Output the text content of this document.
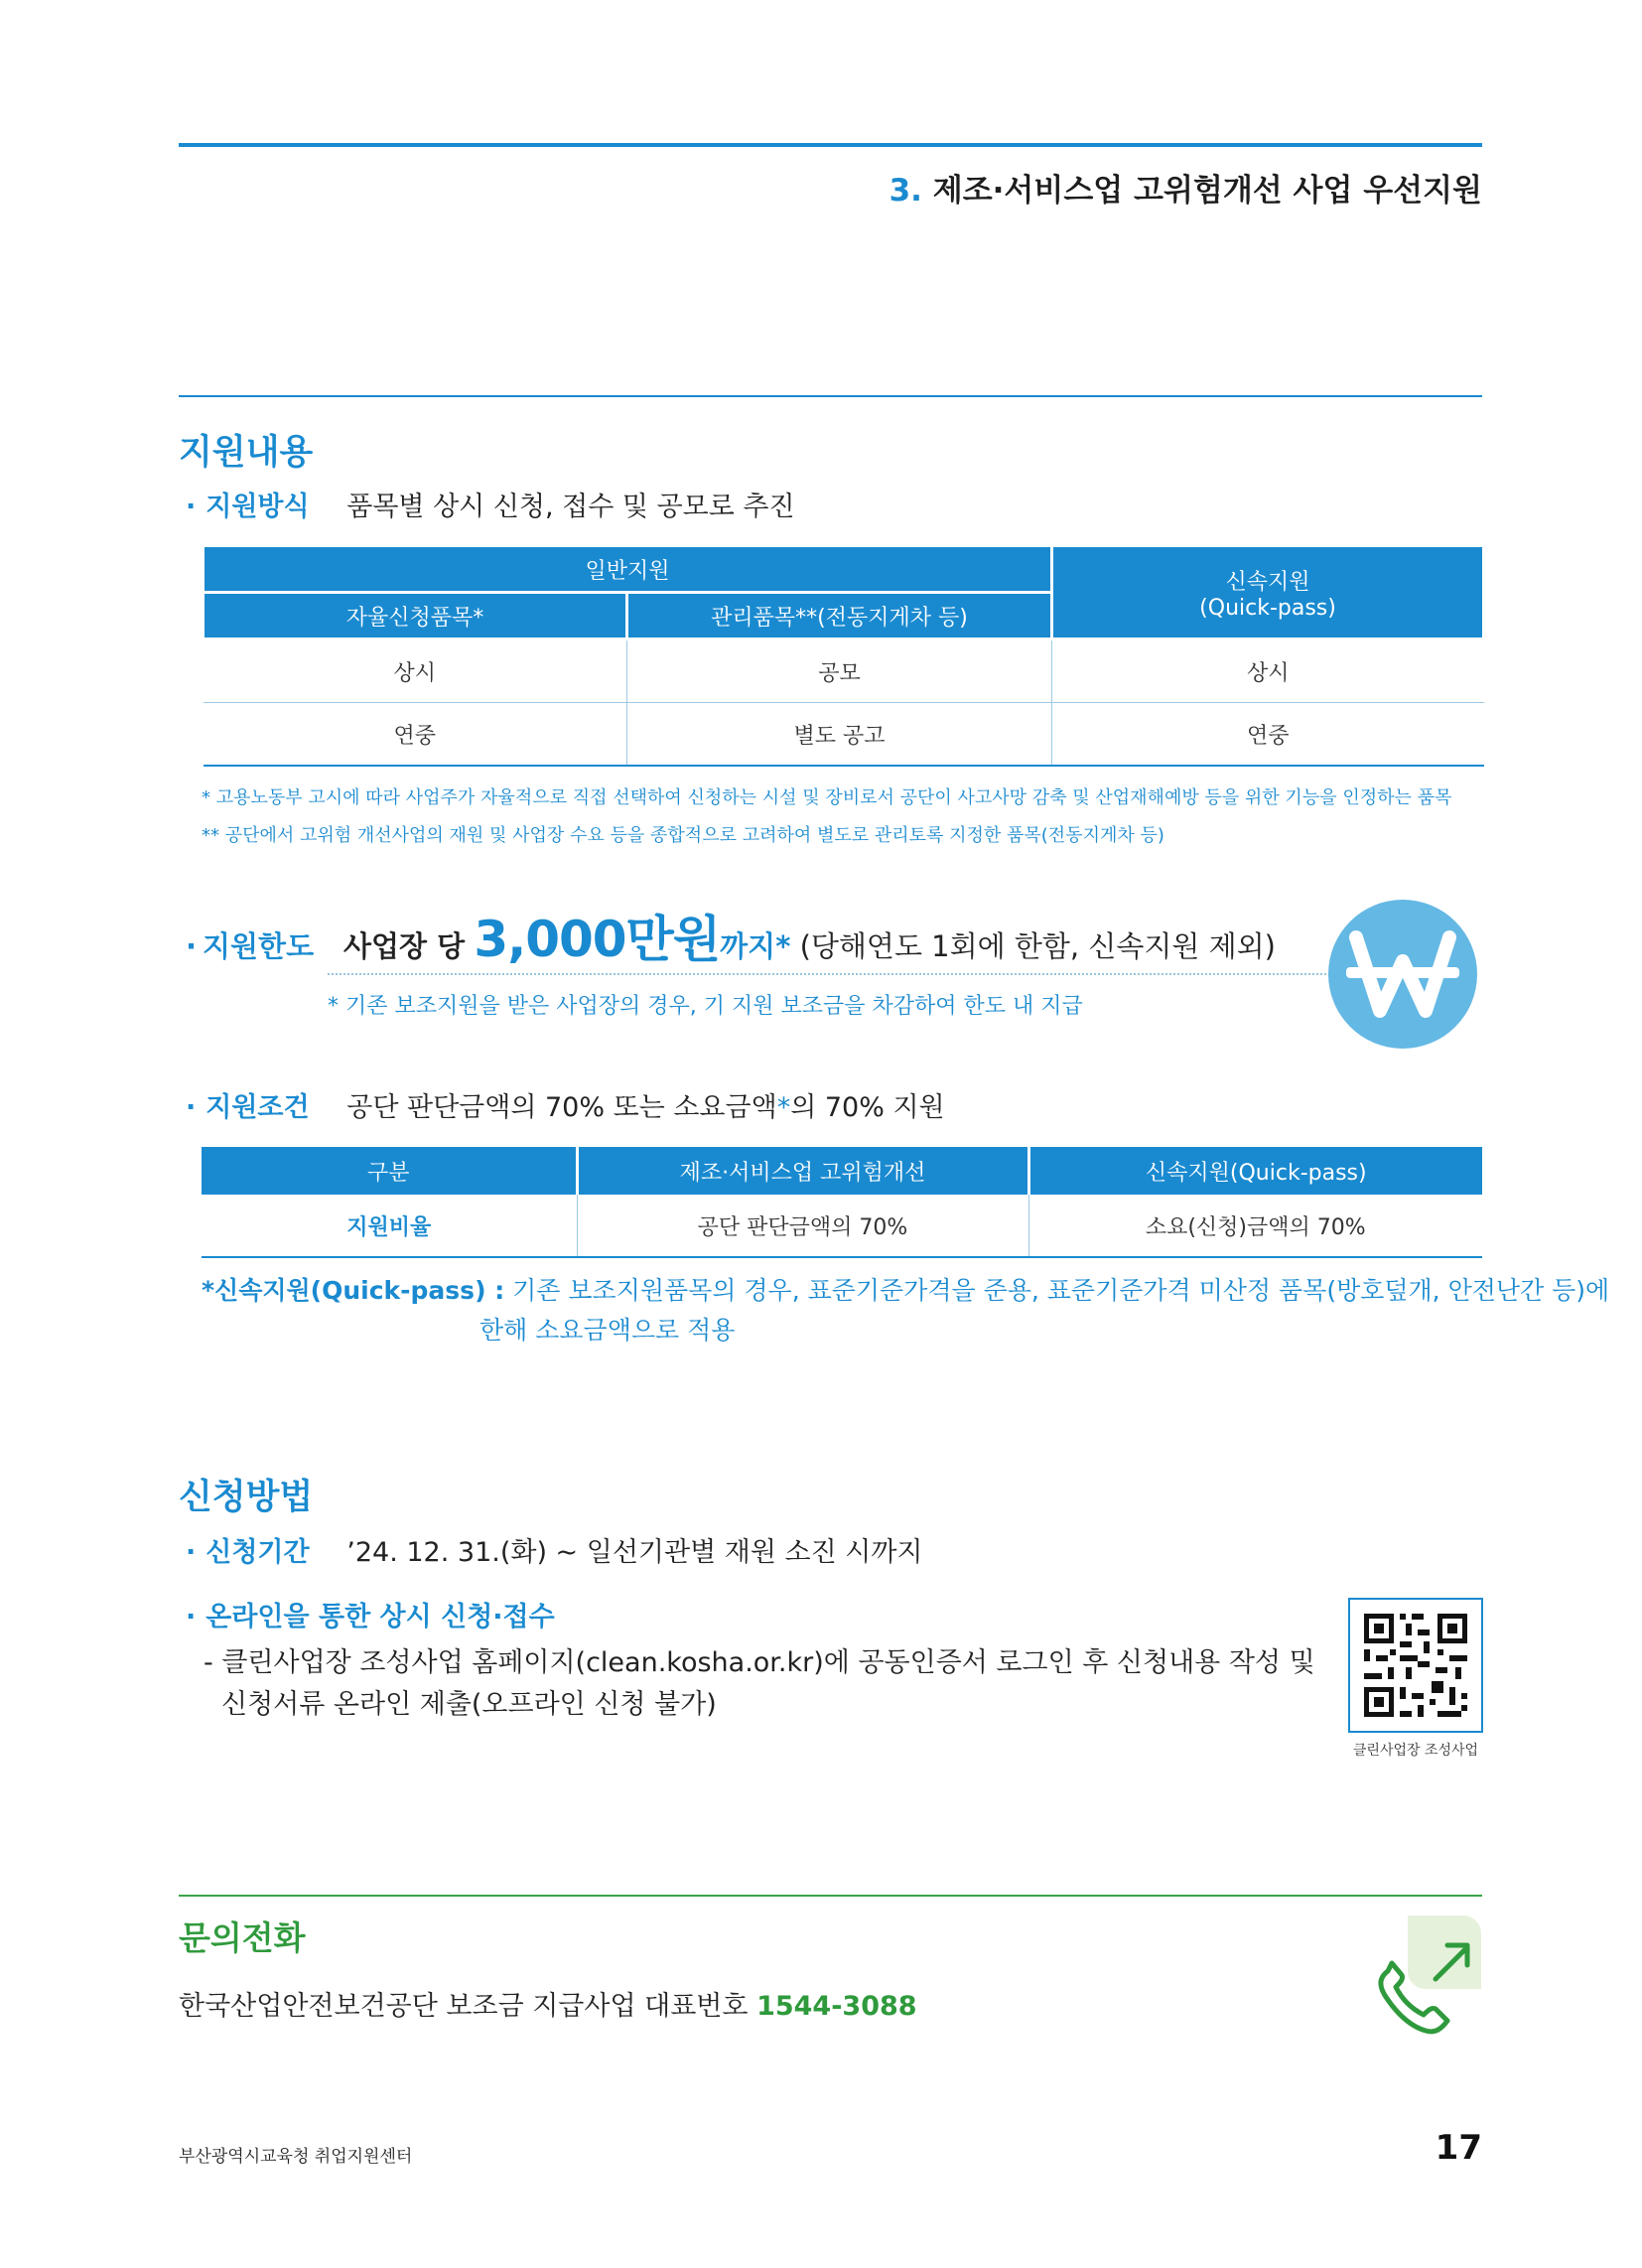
3. 제조·서비스업 고위험개선 사업 우선지원
지원내용
· 지원방식 품목별 상시 신청, 접수 및 공모로 추진
일반지원		신속지원
(Quick-pass)

자율신청품목*	관리품목**(전동지게차 등)	
상시	공모	상시
연중	별도 공고	연중
* 고용노동부 고시에 따라 사업주가 자율적으로 직접 선택하여 신청하는 시설 및 장비로서 공단이 사고사망 감축 및 산업재해예방 등을 위한 기능을 인정하는 품목
** 공단에서 고위험 개선사업의 재원 및 사업장 수요 등을 종합적으로 고려하여 별도로 관리토록 지정한 품목(전동지게차 등)
· 지원한도 사업장 당 3,000만원까지* (당해연도 1회에 한함, 신속지원 제외)
* 기존 보조지원을 받은 사업장의 경우, 기 지원 보조금을 차감하여 한도 내 지급
· 지원조건 공단 판단금액의 70% 또는 소요금액*의 70% 지원
구분	제조·서비스업 고위험개선	신속지원(Quick-pass)
지원비율	공단 판단금액의 70%	소요(신청)금액의 70%
*신속지원(Quick-pass) : 기존 보조지원품목의 경우, 표준기준가격을 준용, 표준기준가격 미산정 품목(방호덮개, 안전난간 등)에
한해 소요금액으로 적용
신청방법
· 신청기간 ’24. 12. 31.(화) ~ 일선기관별 재원 소진 시까지
· 온라인을 통한 상시 신청·접수
- 클린사업장 조성사업 홈페이지(clean.kosha.or.kr)에 공동인증서 로그인 후 신청내용 작성 및
신청서류 온라인 제출(오프라인 신청 불가)
클린사업장 조성사업
문의전화
한국산업안전보건공단 보조금 지급사업 대표번호 1544-3088
부산광역시교육청 취업지원센터	17
